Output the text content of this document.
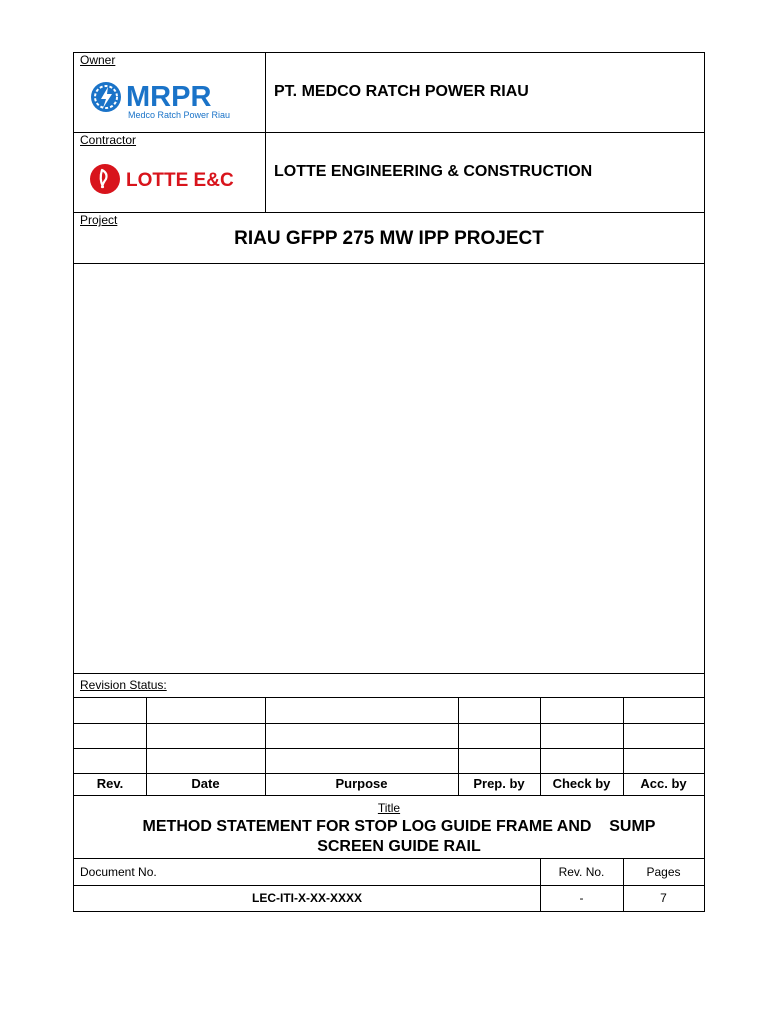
Owner
MRPR
Medco Ratch Power Riau
PT. MEDCO RATCH POWER RIAU
Contractor
LOTTE E&C	LOTTE ENGINEERING & CONSTRUCTION
Project
RIAU GFPP 275 MW IPP PROJECT
Revision Status:
Rev.	Date	Purpose	Prep. by	Check by	Acc. by
Title
METHOD STATEMENT FOR STOP LOG GUIDE FRAME AND    SUMP
SCREEN GUIDE RAIL
Document No.	Rev. No.	Pages
LEC-ITI-X-XX-XXXX	-	7
